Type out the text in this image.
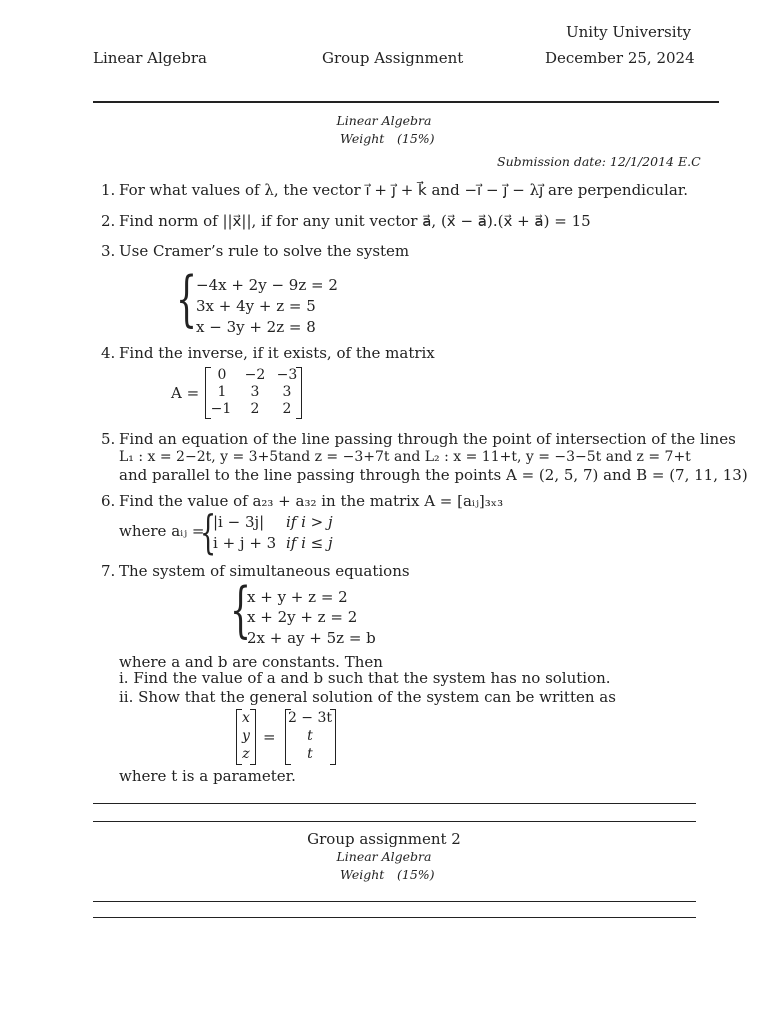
Unity University
Linear Algebra	Group Assignment	December 25, 2024
Linear Algebra
Weight (15%)
Submission date: 12/1/2014 E.C
1. For what values of λ, the vector i⃗ + j⃗ + k⃗ and −i⃗ − j⃗ − λj⃗ are perpendicular.
2. Find norm of ||x⃗||, if for any unit vector a⃗, (x⃗ − a⃗).(x⃗ + a⃗) = 15
3. Use Cramer’s rule to solve the system
{
−4x + 2y − 9z = 2
3x + 4y + z = 5
x − 3y + 2z = 8
4. Find the inverse, if it exists, of the matrix
A =
0	−2 −3
1	3	3
−1	2	2
5. Find an equation of the line passing through the point of intersection of the lines
L₁ : x = 2−2t, y = 3+5tand z = −3+7t and L₂ : x = 11+t, y = −3−5t and z = 7+t
and parallel to the line passing through the points A = (2, 5, 7) and B = (7, 11, 13)
6. Find the value of a₂₃ + a₃₂ in the matrix A = [aᵢⱼ]₃ₓ₃
where aᵢⱼ =
{
|i − 3j| if i > j
i + j + 3 if i ≤ j
7. The system of simultaneous equations
{
x + y + z = 2
x + 2y + z = 2
2x + ay + 5z = b
where a and b are constants. Then
i. Find the value of a and b such that the system has no solution.
ii. Show that the general solution of the system can be written as
x
y
z
=
2 − 3t
t
t
where t is a parameter.
Group assignment 2
Linear Algebra
Weight (15%)
